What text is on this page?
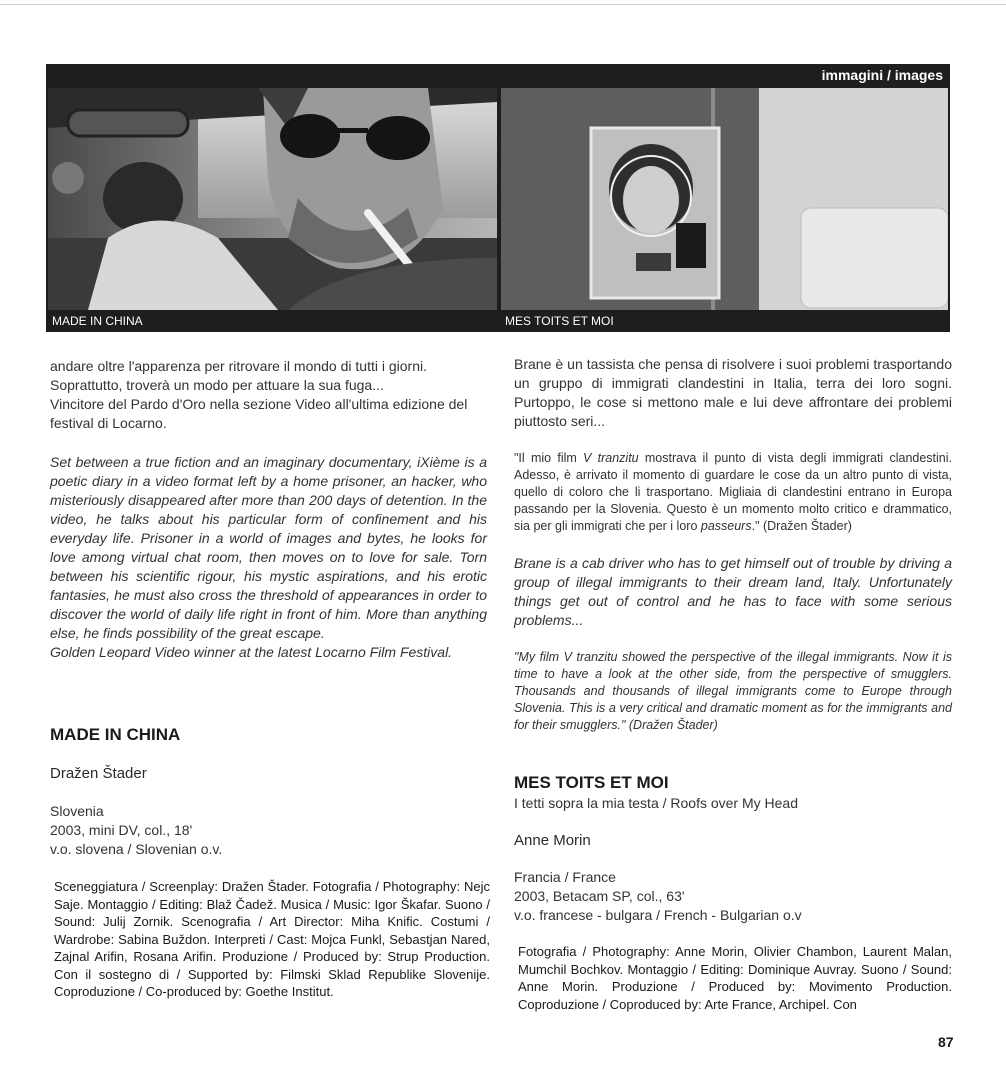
immagini / images
MADE IN CHINA	MES TOITS ET MOI

andare oltre l'apparenza per ritrovare il mondo di tutti i giorni.

Soprattutto, troverà un modo per attuare la sua fuga...

Vincitore del Pardo d'Oro nella sezione Video all'ultima edizione del festival di Locarno.

Set between a true fiction and an imaginary documentary, iXième is a poetic diary in a video format left by a home prisoner, an hacker, who misteriously disappeared after more than 200 days of detention. In the video, he talks about his particular form of confinement and his everyday life. Prisoner in a world of images and bytes, he looks for love among virtual chat room, then moves on to love for sale. Torn between his scientific rigour, his mystic aspirations, and his erotic fantasies, he must also cross the threshold of appearances in order to discover the world of daily life right in front of him. More than anything else, he finds possibility of the great escape.

Golden Leopard Video winner at the latest Locarno Film Festival.

MADE IN CHINA

Dražen Štader

Slovenia

2003, mini DV, col., 18'

v.o. slovena / Slovenian o.v.

Sceneggiatura / Screenplay: Dražen Štader. Fotografia / Photography: Nejc Saje. Montaggio / Editing: Blaž Čadež. Musica / Music: Igor Škafar. Suono / Sound: Julij Zornik. Scenografia / Art Director: Miha Knific. Costumi / Wardrobe: Sabina Buždon. Interpreti / Cast: Mojca Funkl, Sebastjan Nared, Zajnal Arifin, Rosana Arifin. Produzione / Produced by: Strup Production. Con il sostegno di / Supported by: Filmski Sklad Republike Slovenije. Coproduzione / Co-produced by: Goethe Institut.

Brane è un tassista che pensa di risolvere i suoi problemi trasportando un gruppo di immigrati clandestini in Italia, terra dei loro sogni. Purtoppo, le cose si mettono male e lui deve affrontare dei problemi piuttosto seri...

"Il mio film V tranzitu mostrava il punto di vista degli immigrati clandestini. Adesso, è arrivato il momento di guardare le cose da un altro punto di vista, quello di coloro che li trasportano. Migliaia di clandestini entrano in Europa passando per la Slovenia. Questo è un momento molto critico e drammatico, sia per gli immigrati che per i loro passeurs." (Dražen Štader)

Brane is a cab driver who has to get himself out of trouble by driving a group of illegal immigrants to their dream land, Italy. Unfortunately things get out of control and he has to face with some serious problems...

"My film V tranzitu showed the perspective of the illegal immigrants. Now it is time to have a look at the other side, from the perspective of smugglers. Thousands and thousands of illegal immigrants come to Europe through Slovenia. This is a very critical and dramatic moment as for the immigrants and for their smugglers." (Dražen Štader)

MES TOITS ET MOI

I tetti sopra la mia testa / Roofs over My Head

Anne Morin

Francia / France

2003, Betacam SP, col., 63'

v.o. francese - bulgara / French - Bulgarian o.v

Fotografia / Photography: Anne Morin, Olivier Chambon, Laurent Malan, Mumchil Bochkov. Montaggio / Editing: Dominique Auvray. Suono / Sound: Anne Morin. Produzione / Produced by: Movimento Production. Coproduzione / Coproduced by: Arte France, Archipel. Con

87
